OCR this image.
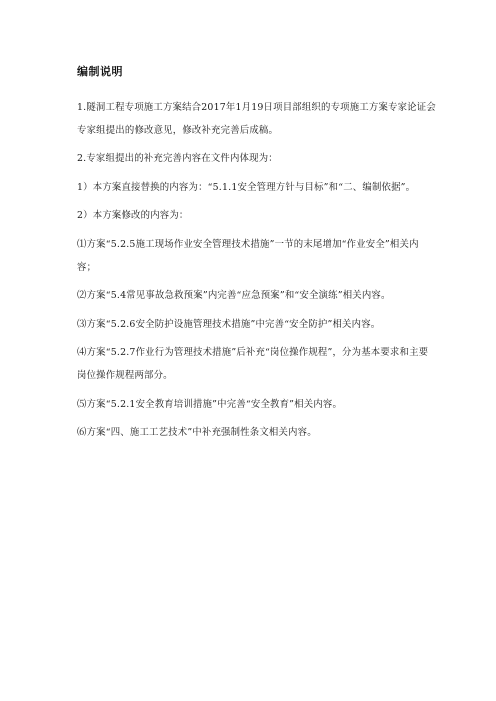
编制说明

1.隧洞工程专项施工方案结合2017年1月19日项目部组织的专项施工方案专家论证会专家组提出的修改意见，修改补充完善后成稿。

2.专家组提出的补充完善内容在文件内体现为：

1）本方案直接替换的内容为：“5.1.1安全管理方针与目标”和“二、编制依据”。

2）本方案修改的内容为：

⑴方案“5.2.5施工现场作业安全管理技术措施”一节的末尾增加“作业安全”相关内容；

⑵方案“5.4常见事故急救预案”内完善“应急预案”和“安全演练”相关内容。

⑶方案“5.2.6安全防护设施管理技术措施”中完善“安全防护”相关内容。

⑷方案“5.2.7作业行为管理技术措施”后补充“岗位操作规程”，分为基本要求和主要岗位操作规程两部分。

⑸方案“5.2.1安全教育培训措施”中完善“安全教育”相关内容。

⑹方案“四、施工工艺技术”中补充强制性条文相关内容。
